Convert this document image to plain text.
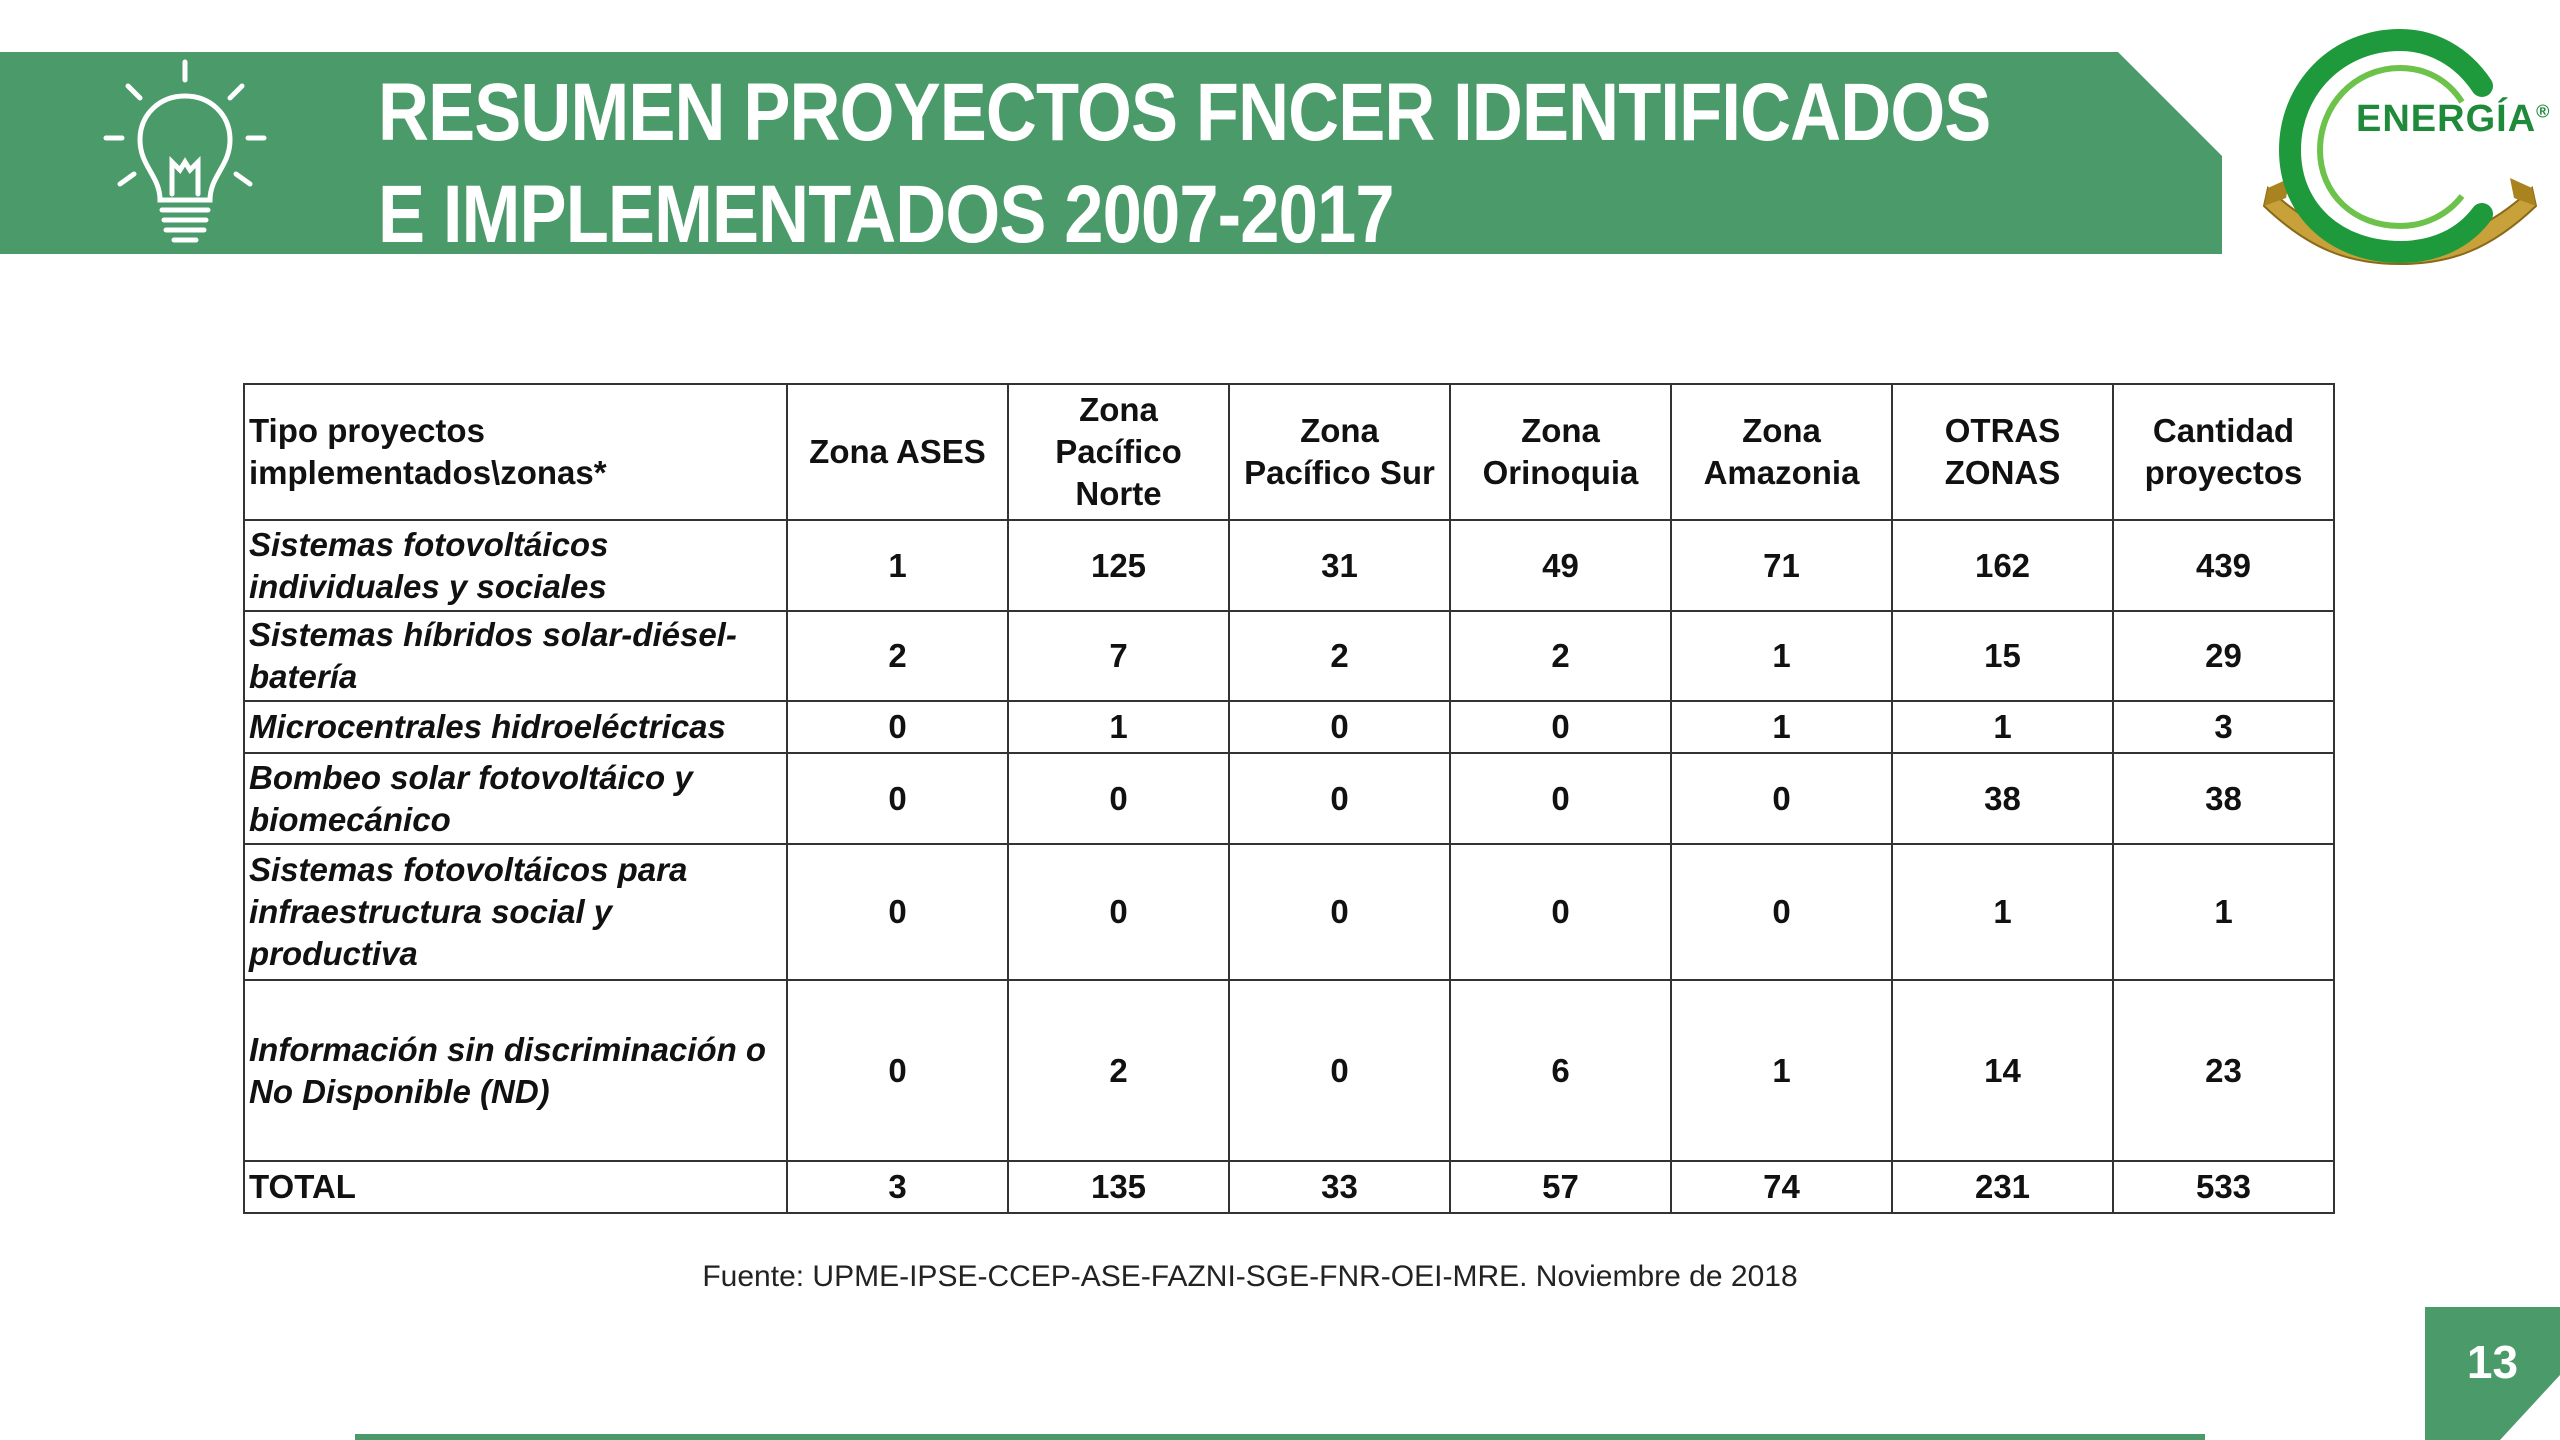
RESUMEN PROYECTOS FNCER IDENTIFICADOS
E IMPLEMENTADOS 2007-2017
ENERGÍA®
Tipo proyectos implementados\zonas*	Zona ASES	Zona Pacífico Norte	Zona Pacífico Sur	Zona Orinoquia	Zona Amazonia	OTRAS ZONAS	Cantidad proyectos
Sistemas fotovoltáicos individuales y sociales	1	125	31	49	71	162	439
Sistemas híbridos solar-diésel-batería	2	7	2	2	1	15	29
Microcentrales hidroeléctricas	0	1	0	0	1	1	3
Bombeo solar fotovoltáico y biomecánico	0	0	0	0	0	38	38
Sistemas fotovoltáicos para infraestructura social y productiva	0	0	0	0	0	1	1
Información sin discriminación o No Disponible (ND)	0	2	0	6	1	14	23
TOTAL	3	135	33	57	74	231	533
Fuente: UPME-IPSE-CCEP-ASE-FAZNI-SGE-FNR-OEI-MRE. Noviembre de 2018
13
